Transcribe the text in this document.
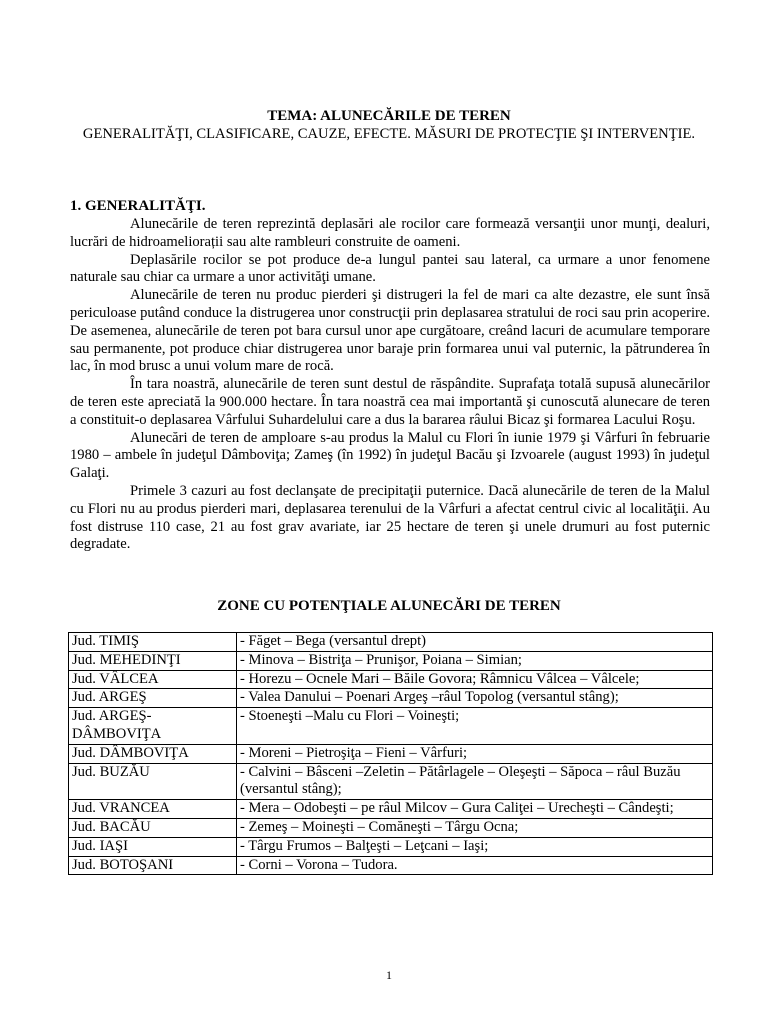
TEMA: ALUNECĂRILE DE TEREN
GENERALITĂŢI, CLASIFICARE, CAUZE, EFECTE. MĂSURI DE PROTECŢIE ŞI INTERVENŢIE.
1. GENERALITĂŢI.

Alunecările de teren reprezintă deplasări ale rocilor care formează versanţii unor munţi, dealuri, lucrări de hidroameliorații sau alte rambleuri construite de oameni.

Deplasările rocilor se pot produce de-a lungul pantei sau lateral, ca urmare a unor fenomene naturale sau chiar ca urmare a unor activităţi umane.

Alunecările de teren nu produc pierderi şi distrugeri la fel de mari ca alte dezastre, ele sunt însă periculoase putând conduce la distrugerea unor construcţii prin deplasarea stratului de roci sau prin acoperire. De asemenea, alunecările de teren pot bara cursul unor ape curgătoare, creând lacuri de acumulare temporare sau permanente, pot produce chiar distrugerea unor baraje prin formarea unui val puternic, la pătrunderea în lac, în mod brusc a unui volum mare de rocă.

În tara noastră, alunecările de teren sunt destul de răspândite. Suprafaţa totală supusă alunecărilor de teren este apreciată la 900.000 hectare. În tara noastră cea mai importantă şi cunoscută alunecare de teren a constituit-o deplasarea Vârfului Suhardelului care a dus la bararea râului Bicaz şi formarea Lacului Roşu.

Alunecări de teren de amploare s-au produs la Malul cu Flori în iunie 1979 şi Vârfuri în februarie 1980 – ambele în judeţul Dâmboviţa; Zameş (în 1992) în judeţul Bacău şi Izvoarele (august 1993) în judeţul Galaţi.

Primele 3 cazuri au fost declanşate de precipitaţii puternice. Dacă alunecările de teren de la Malul cu Flori nu au produs pierderi mari, deplasarea terenului de la Vârfuri a afectat centrul civic al localităţii. Au fost distruse 110 case, 21 au fost grav avariate, iar 25 hectare de teren şi unele drumuri au fost puternic degradate.

ZONE CU POTENŢIALE ALUNECĂRI DE TEREN
Jud. TIMIŞ	- Făget – Bega (versantul drept)
Jud. MEHEDINŢI	- Minova – Bistriţa – Prunişor, Poiana – Simian;
Jud. VÂLCEA	- Horezu – Ocnele Mari – Băile Govora; Râmnicu Vâlcea – Vâlcele;
Jud. ARGEŞ	- Valea Danului – Poenari Argeş –râul Topolog (versantul stâng);
Jud. ARGEŞ-DÂMBOVIŢA	- Stoeneşti –Malu cu Flori – Voineşti;
Jud. DÂMBOVIŢA	- Moreni – Pietroşiţa – Fieni – Vârfuri;
Jud. BUZĂU	- Calvini – Bâsceni –Zeletin – Pătârlagele – Oleşeşti – Săpoca – râul Buzău (versantul stâng);
Jud. VRANCEA	- Mera – Odobeşti – pe râul Milcov – Gura Caliţei – Urecheşti – Cândeşti;
Jud. BACĂU	- Zemeş – Moineşti – Comăneşti – Târgu Ocna;
Jud. IAŞI	- Târgu Frumos – Balţeşti – Leţcani – Iaşi;
Jud. BOTOŞANI	- Corni – Vorona – Tudora.
1
